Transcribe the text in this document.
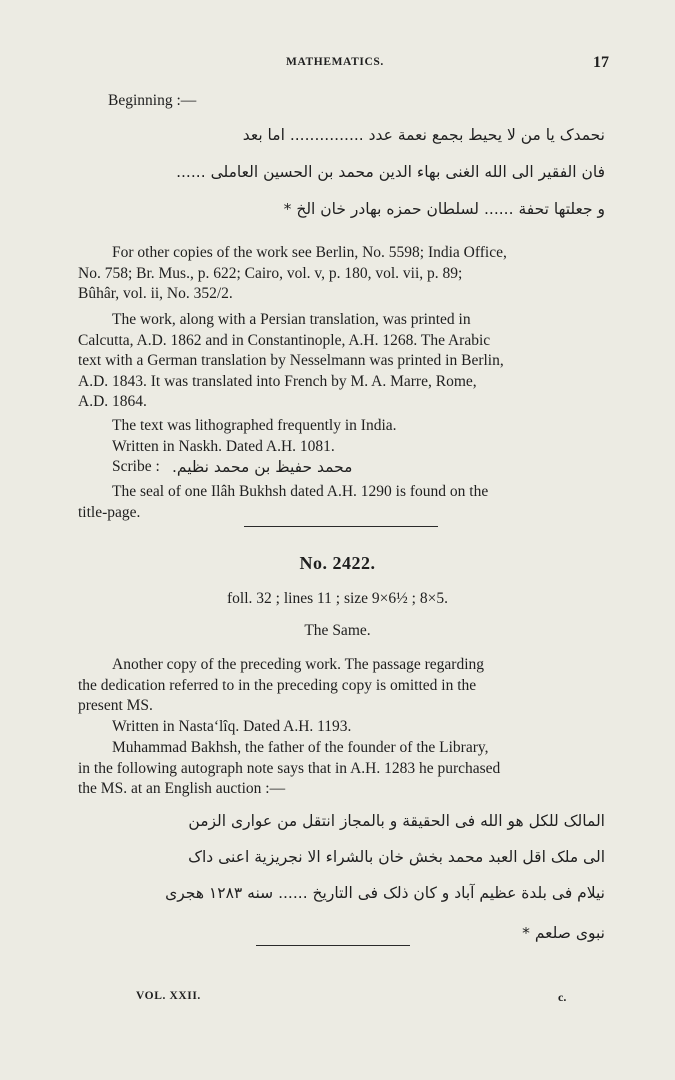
MATHEMATICS.	17
Beginning :—
نحمدک یا من لا یحیط بجمع نعمة عدد ............... اما بعد
فان الفقیر الی الله الغنی بهاء الدین محمد بن الحسین العاملی ......
و جعلتها تحفة ...... لسلطان حمزه بهادر خان الخ *

For other copies of the work see Berlin, No. 5598; India Office,

No. 758; Br. Mus., p. 622; Cairo, vol. v, p. 180, vol. vii, p. 89;

Bûhâr, vol. ii, No. 352/2.

The work, along with a Persian translation, was printed in

Calcutta, A.D. 1862 and in Constantinople, A.H. 1268. The Arabic

text with a German translation by Nesselmann was printed in Berlin,

A.D. 1843. It was translated into French by M. A. Marre, Rome,

A.D. 1864.

The text was lithographed frequently in India.

Written in Naskh. Dated A.H. 1081.

Scribe : محمد حفیظ بن محمد نظیم.

The seal of one Ilâh Bukhsh dated A.H. 1290 is found on the

title-page.

No. 2422.
foll. 32 ; lines 11 ; size 9×6½ ; 8×5.
The Same.

Another copy of the preceding work. The passage regarding

the dedication referred to in the preceding copy is omitted in the

present MS.

Written in Nasta‘lîq. Dated A.H. 1193.

Muhammad Bakhsh, the father of the founder of the Library,

in the following autograph note says that in A.H. 1283 he purchased

the MS. at an English auction :—

المالک للکل هو الله فی الحقیقة و بالمجاز انتقل من عواری الزمن
الی ملک اقل العبد محمد بخش خان بالشراء الا نجریزیة اعنی داک
نیلام فی بلدة عظیم آباد و کان ذلک فی التاریخ ...... سنه ۱۲۸۳ هجری
نبوی صلعم *
VOL. XXII.	c.
